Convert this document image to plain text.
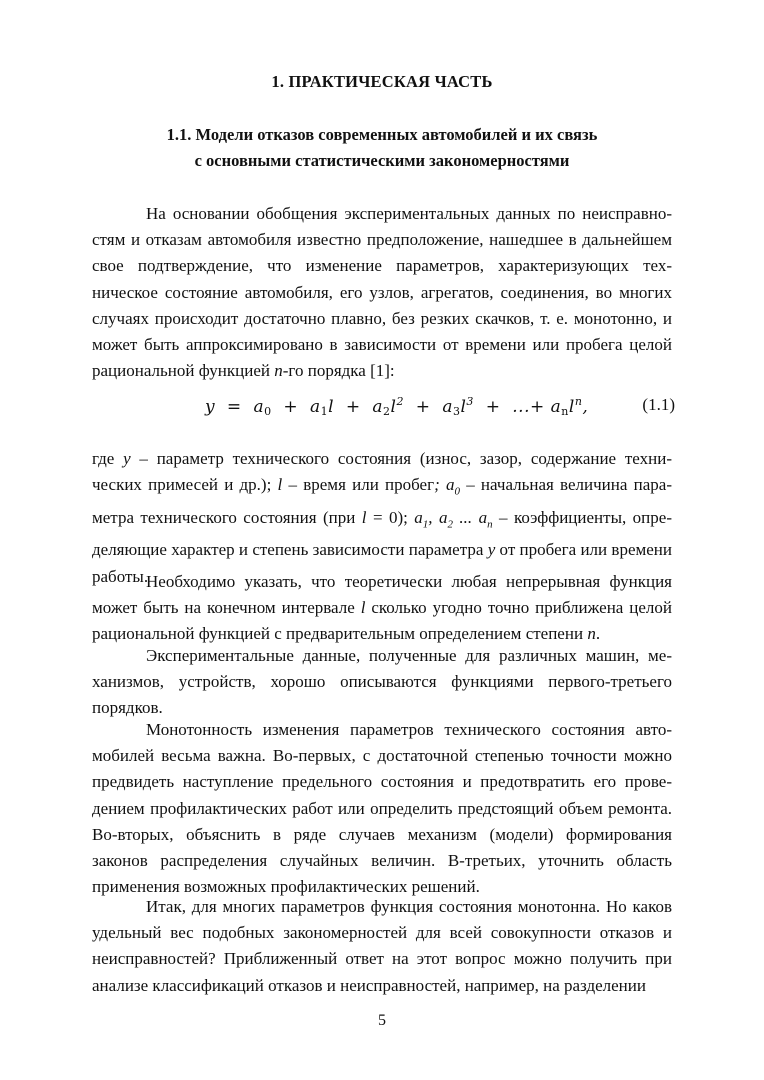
1. ПРАКТИЧЕСКАЯ ЧАСТЬ
1.1. Модели отказов современных автомобилей и их связь
с основными статистическими закономерностями
На основании обобщения экспериментальных данных по неисправностям и отказам автомобиля известно предположение, нашедшее в дальнейшем свое подтверждение, что изменение параметров, характеризующих техническое состояние автомобиля, его узлов, агрегатов, соединения, во многих случаях происходит достаточно плавно, без резких скачков, т. е. монотонно, и может быть аппроксимировано в зависимости от времени или пробега целой рациональной функцией n-го порядка [1]:
$y = a0 + a1l + a2l^2 + a3l^3$  +  ...+ anl$^n$,	(1.1)
где y – параметр технического состояния (износ, зазор, содержание технических примесей и др.); l – время или пробег; $a_0$ – начальная величина параметра технического состояния (при l = 0); $a_1$, $a_2$ ... $a_n$ – коэффициенты, определяющие характер и степень зависимости параметра y от пробега или времени работы.
Необходимо указать, что теоретически любая непрерывная функция может быть на конечном интервале l сколько угодно точно приближена целой рациональной функцией с предварительным определением степени n.
Экспериментальные данные, полученные для различных машин, механизмов, устройств, хорошо описываются функциями первого-третьего порядков.
Монотонность изменения параметров технического состояния автомобилей весьма важна. Во-первых, с достаточной степенью точности можно предвидеть наступление предельного состояния и предотвратить его проведением профилактических работ или определить предстоящий объем ремонта. Во-вторых, объяснить в ряде случаев механизм (модели) формирования законов распределения случайных величин. В-третьих, уточнить область применения возможных профилактических решений.
Итак, для многих параметров функция состояния монотонна. Но каков удельный вес подобных закономерностей для всей совокупности отказов и неисправностей? Приближенный ответ на этот вопрос можно получить при анализе классификаций отказов и неисправностей, например, на разделении
5
